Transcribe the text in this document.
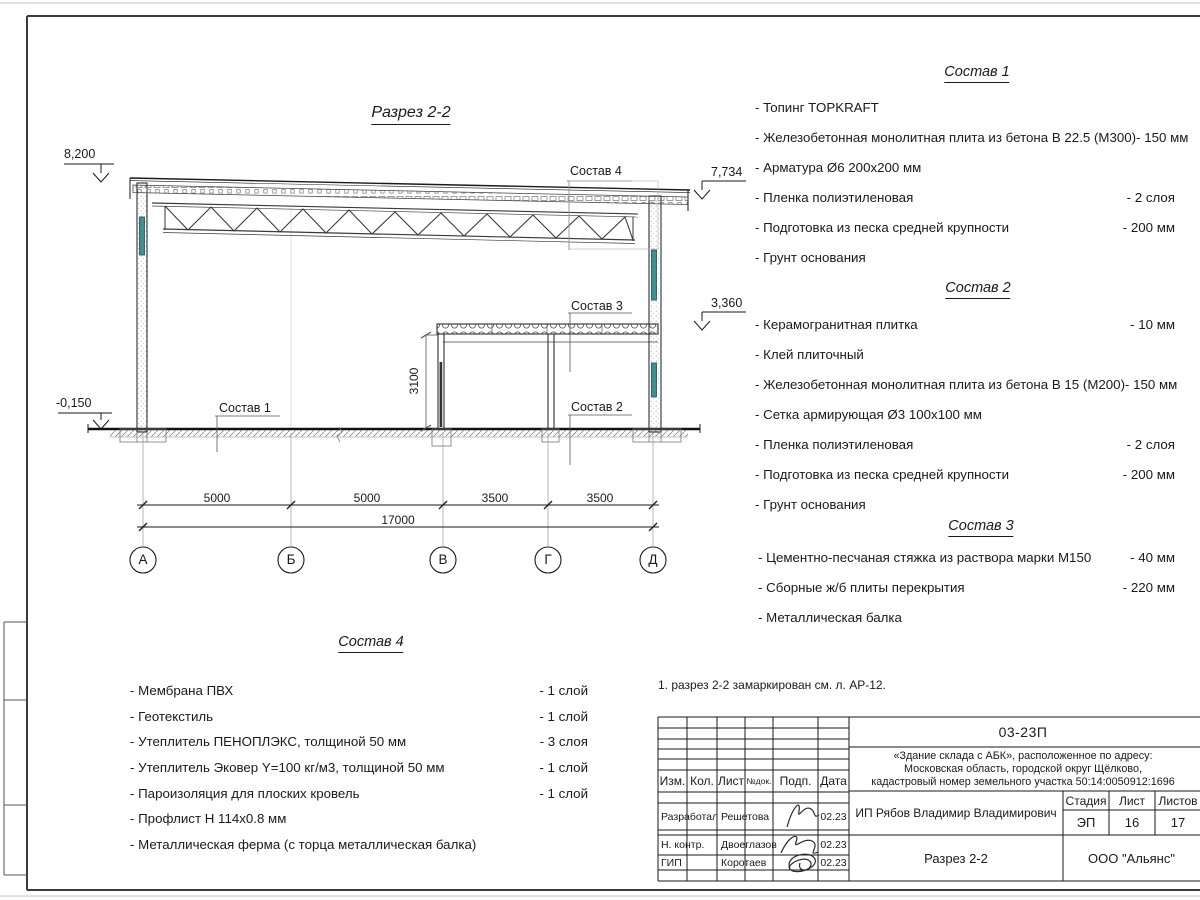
Разрез 2-2
8,200
-0,150
7,734
3,360
3100
Состав 1	Состав 2
Состав 3
Состав 4
5000	5000	3500	3500
17000
А	Б	В	Г	Д
Состав 1
- Топинг TOPKRAFT
- Железобетонная монолитная плита из бетона В 22.5 (М300)- 150 мм
- Арматура Ø6 200х200 мм
- Пленка полиэтиленовая	- 2 слоя
- Подготовка из песка средней крупности	- 200 мм
- Грунт основания
Состав 2
- Керамогранитная плитка	- 10 мм
- Клей плиточный
- Железобетонная монолитная плита из бетона В 15 (М200) - 150 мм
- Сетка армирующая Ø3 100х100 мм
- Пленка полиэтиленовая	- 2 слоя
- Подготовка из песка средней крупности	- 200 мм
- Грунт основания
Состав 3
- Цементно-песчаная стяжка из раствора марки М150	- 40 мм
- Сборные ж/б плиты перекрытия	- 220 мм
- Металлическая балка
Состав 4
- Мембрана ПВХ	- 1 слой
- Геотекстиль	- 1 слой
- Утеплитель ПЕНОПЛЭКС, толщиной 50 мм	- 3 слоя
- Утеплитель Эковер Y=100 кг/м3, толщиной 50 мм	- 1 слой
- Пароизоляция для плоских кровель	- 1 слой
- Профлист Н 114х0.8 мм
- Металлическая ферма (с торца металлическая балка)
1. разрез 2-2 замаркирован см. л. АР-12.
Изм. Кол. Лист №док. Подп. Дата
Разработал Решетова	02.23
Н. контр. Двоеглазов	02.23
ГИП	Коротаев	02.23
03-23П
«Здание склада с АБК», расположенное по адресу:
Московская область, городской округ Щёлково,
кадастровый номер земельного участка 50:14:0050912:1696
ИП Рябов Владимир Владимирович
Стадия	Лист	Листов
ЭП	16	17
Разрез 2-2	ООО "Альянс"
